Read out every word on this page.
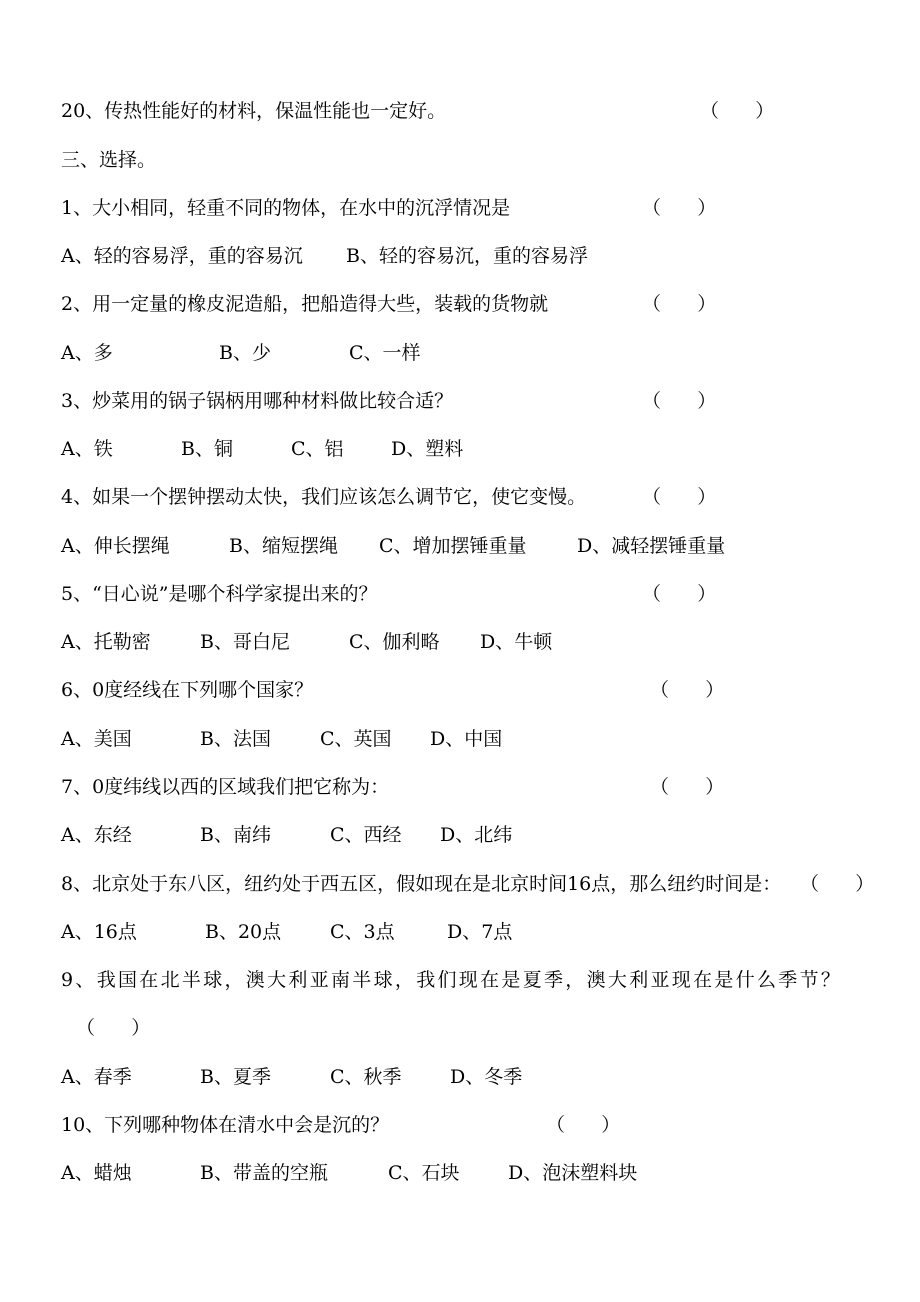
20、传热性能好的材料，保温性能也一定好。	（      ）
三、选择。
1、大小相同，轻重不同的物体，在水中的沉浮情况是	（      ）
A、轻的容易浮，重的容易沉 B、轻的容易沉，重的容易浮
2、用一定量的橡皮泥造船，把船造得大些，装载的货物就	（      ）
A、多	B、少	C、一样
3、炒菜用的锅子锅柄用哪种材料做比较合适？	（      ）
A、铁	B、铜	C、铝 D、塑料
4、如果一个摆钟摆动太快，我们应该怎么调节它，使它变慢。	（      ）
A、伸长摆绳	B、缩短摆绳 C、增加摆锤重量	D、减轻摆锤重量
5、“日心说”是哪个科学家提出来的？	（      ）
A、托勒密	B、哥白尼	C、伽利略 D、牛顿
6、0度经线在下列哪个国家？	（      ）
A、美国	B、法国	C、英国 D、中国
7、0度纬线以西的区域我们把它称为：	（      ）
A、东经	B、南纬	C、西经 D、北纬
8、北京处于东八区，纽约处于西五区，假如现在是北京时间16点，那么纽约时间是： （      ）
A、16点	B、20点	C、3点	D、7点
9、我国在北半球，澳大利亚南半球，我们现在是夏季，澳大利亚现在是什么季节？
（      ）
A、春季	B、夏季	C、秋季	D、冬季
10、下列哪种物体在清水中会是沉的？	（      ）
A、蜡烛	B、带盖的空瓶	C、石块	D、泡沫塑料块
